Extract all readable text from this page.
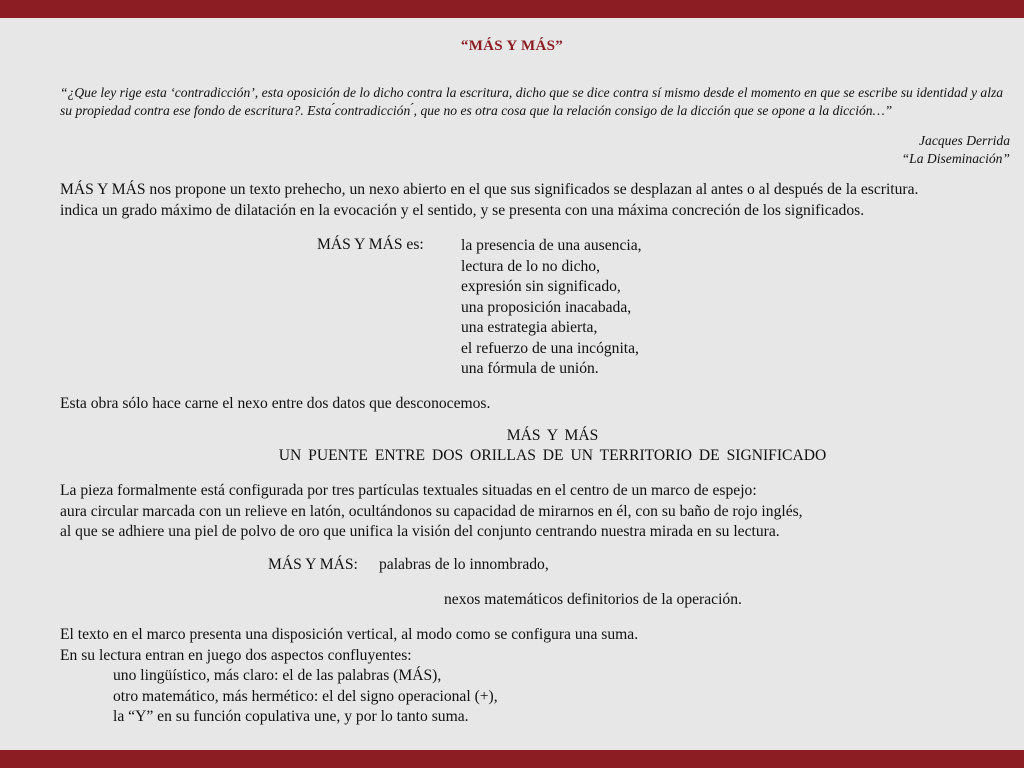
“MÁS Y MÁS”
“¿Que ley rige esta ‘contradicción’, esta oposición de lo dicho contra la escritura, dicho que se dice contra sí mismo desde el momento en que se escribe su identidad y alza su propiedad contra ese fondo de escritura?. Esta ́contradicción ́, que no es otra cosa que la relación consigo de la dicción que se opone a la dicción…”
Jacques Derrida
“La Diseminación”
MÁS Y MÁS nos propone un texto prehecho, un nexo abierto en el que sus significados se desplazan al antes o al después de la escritura.
indica un grado máximo de dilatación en la evocación y el sentido, y se presenta con una máxima concreción de los significados.
MÁS Y MÁS es: la presencia de una ausencia,
lectura de lo no dicho,
expresión sin significado,
una proposición inacabada,
una estrategia abierta,
el refuerzo de una incógnita,
una fórmula de unión.
Esta obra sólo hace carne el nexo entre dos datos que desconocemos.
MÁS Y MÁS
UN PUENTE ENTRE DOS ORILLAS DE UN TERRITORIO DE SIGNIFICADO
La pieza formalmente está configurada por tres partículas textuales situadas en el centro de un marco de espejo:
aura circular marcada con un relieve en latón, ocultándonos su capacidad de mirarnos en él, con su baño de rojo inglés,
al que se adhiere una piel de polvo de oro que unifica la visión del conjunto centrando nuestra mirada en su lectura.
MÁS Y MÁS: palabras de lo innombrado,
nexos matemáticos definitorios de la operación.
El texto en el marco presenta una disposición vertical, al modo como se configura una suma.
En su lectura entran en juego dos aspectos confluyentes:
uno lingüístico, más claro: el de las palabras (MÁS),
otro matemático, más hermético: el del signo operacional (+),
la “Y” en su función copulativa une, y por lo tanto suma.
